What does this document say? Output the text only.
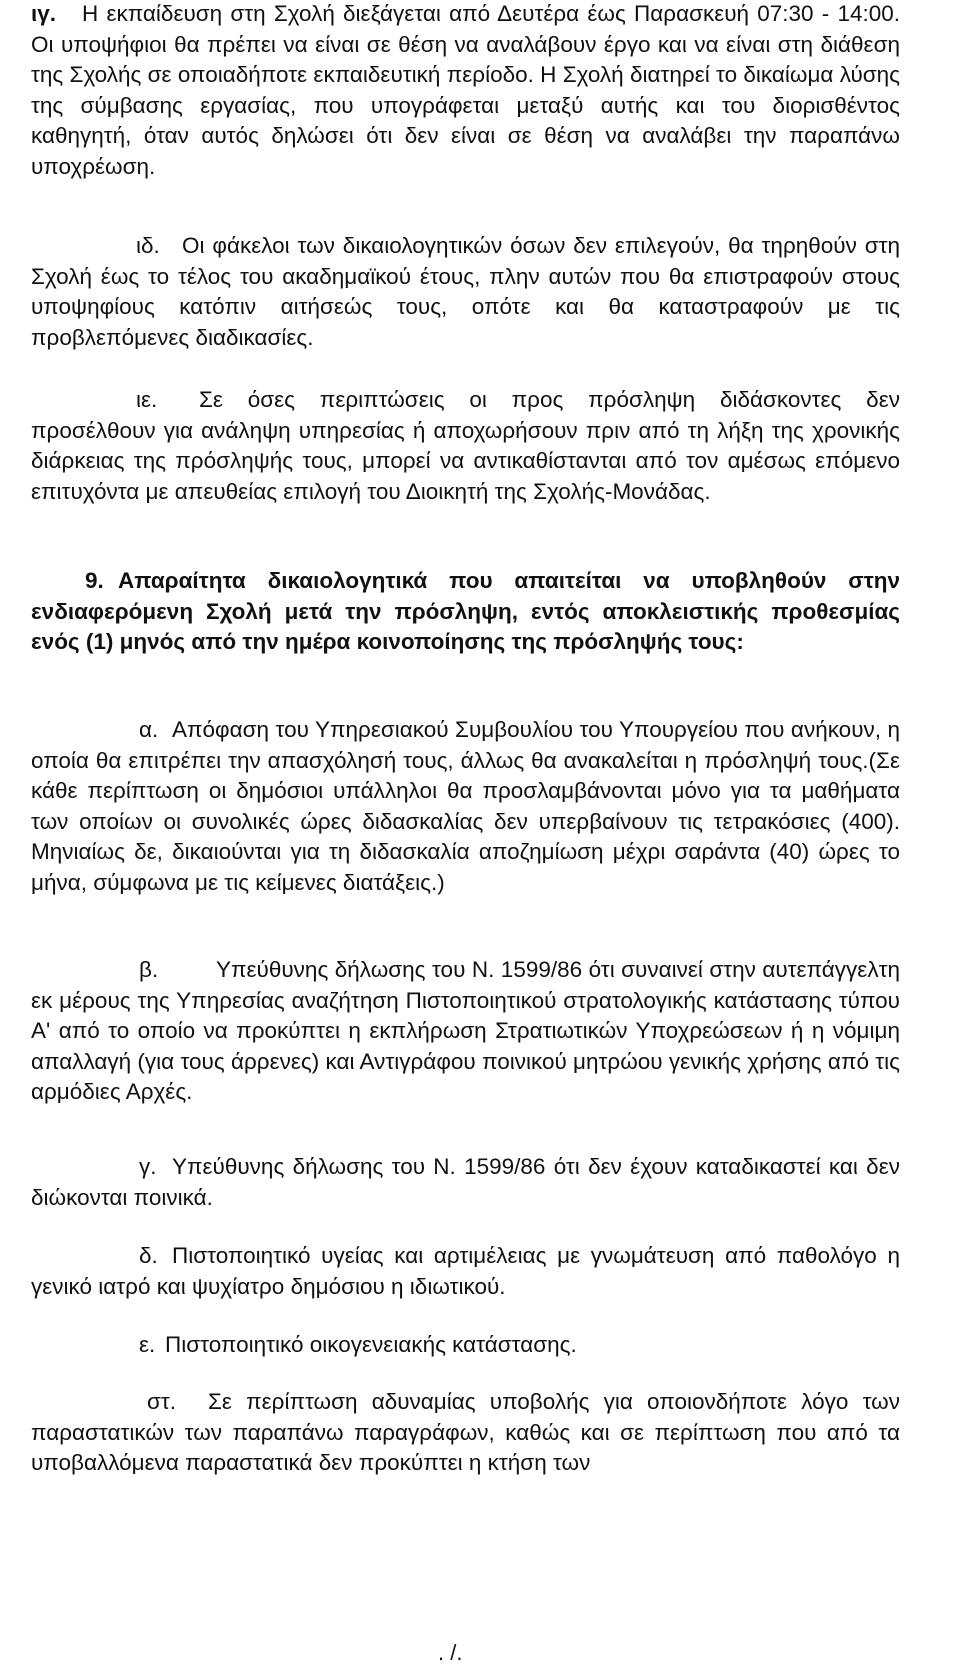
ιγ. Η εκπαίδευση στη Σχολή διεξάγεται από Δευτέρα έως Παρασκευή 07:30 - 14:00. Οι υποψήφιοι θα πρέπει να είναι σε θέση να αναλάβουν έργο και να είναι στη διάθεση της Σχολής σε οποιαδήποτε εκπαιδευτική περίοδο. Η Σχολή διατηρεί το δικαίωμα λύσης της σύμβασης εργασίας, που υπογράφεται μεταξύ αυτής και του διορισθέντος καθηγητή, όταν αυτός δηλώσει ότι δεν είναι σε θέση να αναλάβει την παραπάνω υποχρέωση.

ιδ. Οι φάκελοι των δικαιολογητικών όσων δεν επιλεγούν, θα τηρηθούν στη Σχολή έως το τέλος του ακαδημαϊκού έτους, πλην αυτών που θα επιστραφούν στους υποψηφίους κατόπιν αιτήσεώς τους, οπότε και θα καταστραφούν με τις προβλεπόμενες διαδικασίες.

ιε. Σε όσες περιπτώσεις οι προς πρόσληψη διδάσκοντες δεν προσέλθουν για ανάληψη υπηρεσίας ή αποχωρήσουν πριν από τη λήξη της χρονικής διάρκειας της πρόσληψής τους, μπορεί να αντικαθίστανται από τον αμέσως επόμενο επιτυχόντα με απευθείας επιλογή του Διοικητή της Σχολής-Μονάδας.

9. Απαραίτητα δικαιολογητικά που απαιτείται να υποβληθούν στην ενδιαφερόμενη Σχολή μετά την πρόσληψη, εντός αποκλειστικής προθεσμίας ενός (1) μηνός από την ημέρα κοινοποίησης της πρόσληψής τους:

α. Απόφαση του Υπηρεσιακού Συμβουλίου του Υπουργείου που ανήκουν, η οποία θα επιτρέπει την απασχόλησή τους, άλλως θα ανακαλείται η πρόσληψή τους.(Σε κάθε περίπτωση οι δημόσιοι υπάλληλοι θα προσλαμβάνονται μόνο για τα μαθήματα των οποίων οι συνολικές ώρες διδασκαλίας δεν υπερβαίνουν τις τετρακόσιες (400). Μηνιαίως δε, δικαιούνται για τη διδασκαλία αποζημίωση μέχρι σαράντα (40) ώρες το μήνα, σύμφωνα με τις κείμενες διατάξεις.)

β.	Υπεύθυνης δήλωσης του Ν. 1599/86 ότι συναινεί στην αυτεπάγγελτη εκ μέρους της Υπηρεσίας αναζήτηση Πιστοποιητικού στρατολογικής κατάστασης τύπου Α' από το οποίο να προκύπτει η εκπλήρωση Στρατιωτικών Υποχρεώσεων ή η νόμιμη απαλλαγή (για τους άρρενες) και Αντιγράφου ποινικού μητρώου γενικής χρήσης από τις αρμόδιες Αρχές.

γ. Υπεύθυνης δήλωσης του Ν. 1599/86 ότι δεν έχουν καταδικαστεί και δεν διώκονται ποινικά.

δ. Πιστοποιητικό υγείας και αρτιμέλειας με γνωμάτευση από παθολόγο η γενικό ιατρό και ψυχίατρο δημόσιου η ιδιωτικού.

ε. Πιστοποιητικό οικογενειακής κατάστασης.

στ. Σε περίπτωση αδυναμίας υποβολής για οποιονδήποτε λόγο των παραστατικών των παραπάνω παραγράφων, καθώς και σε περίπτωση που από τα υποβαλλόμενα παραστατικά δεν προκύπτει η κτήση των

. /.
